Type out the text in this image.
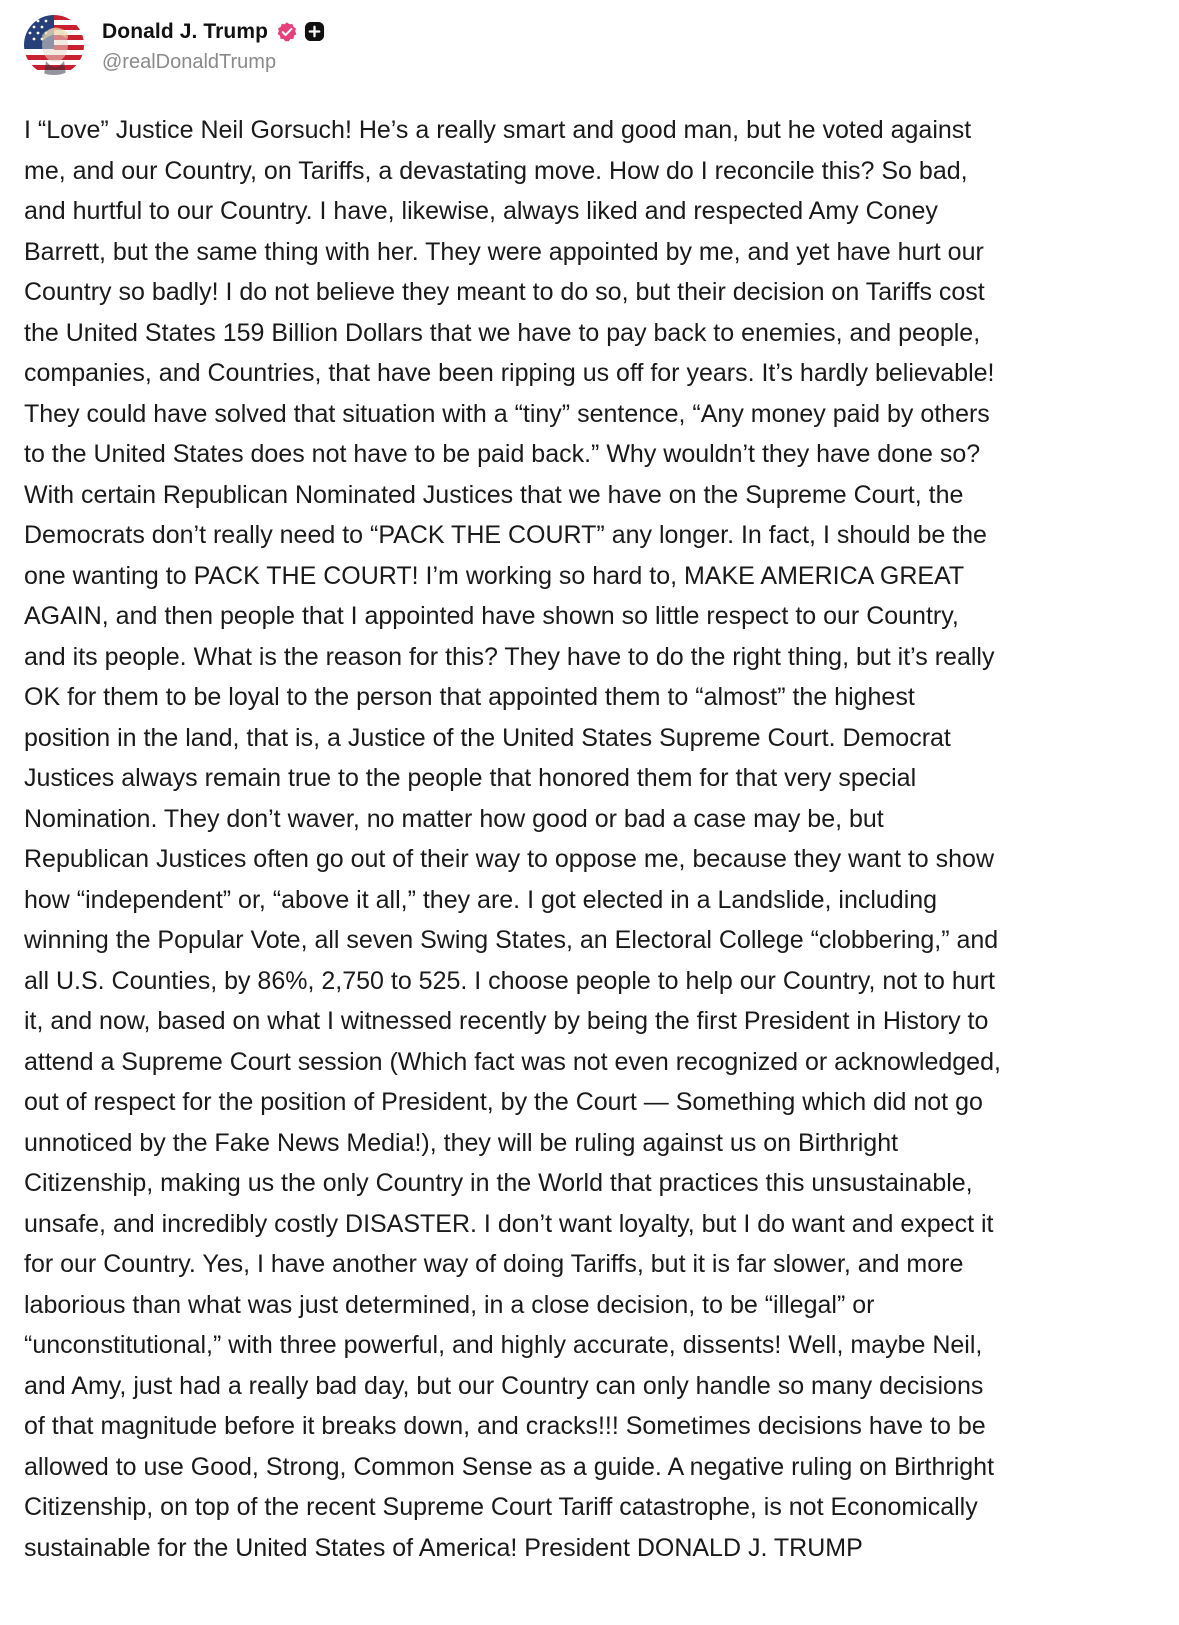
Donald J. Trump
@realDonaldTrump
I “Love” Justice Neil Gorsuch! He’s a really smart and good man, but he voted against
me, and our Country, on Tariffs, a devastating move. How do I reconcile this? So bad,
and hurtful to our Country. I have, likewise, always liked and respected Amy Coney
Barrett, but the same thing with her. They were appointed by me, and yet have hurt our
Country so badly! I do not believe they meant to do so, but their decision on Tariffs cost
the United States 159 Billion Dollars that we have to pay back to enemies, and people,
companies, and Countries, that have been ripping us off for years. It’s hardly believable!
They could have solved that situation with a “tiny” sentence, “Any money paid by others
to the United States does not have to be paid back.” Why wouldn’t they have done so?
With certain Republican Nominated Justices that we have on the Supreme Court, the
Democrats don’t really need to “PACK THE COURT” any longer. In fact, I should be the
one wanting to PACK THE COURT! I’m working so hard to, MAKE AMERICA GREAT
AGAIN, and then people that I appointed have shown so little respect to our Country,
and its people. What is the reason for this? They have to do the right thing, but it’s really
OK for them to be loyal to the person that appointed them to “almost” the highest
position in the land, that is, a Justice of the United States Supreme Court. Democrat
Justices always remain true to the people that honored them for that very special
Nomination. They don’t waver, no matter how good or bad a case may be, but
Republican Justices often go out of their way to oppose me, because they want to show
how “independent” or, “above it all,” they are. I got elected in a Landslide, including
winning the Popular Vote, all seven Swing States, an Electoral College “clobbering,” and
all U.S. Counties, by 86%, 2,750 to 525. I choose people to help our Country, not to hurt
it, and now, based on what I witnessed recently by being the first President in History to
attend a Supreme Court session (Which fact was not even recognized or acknowledged,
out of respect for the position of President, by the Court — Something which did not go
unnoticed by the Fake News Media!), they will be ruling against us on Birthright
Citizenship, making us the only Country in the World that practices this unsustainable,
unsafe, and incredibly costly DISASTER. I don’t want loyalty, but I do want and expect it
for our Country. Yes, I have another way of doing Tariffs, but it is far slower, and more
laborious than what was just determined, in a close decision, to be “illegal” or
“unconstitutional,” with three powerful, and highly accurate, dissents! Well, maybe Neil,
and Amy, just had a really bad day, but our Country can only handle so many decisions
of that magnitude before it breaks down, and cracks!!! Sometimes decisions have to be
allowed to use Good, Strong, Common Sense as a guide. A negative ruling on Birthright
Citizenship, on top of the recent Supreme Court Tariff catastrophe, is not Economically
sustainable for the United States of America! President DONALD J. TRUMP
